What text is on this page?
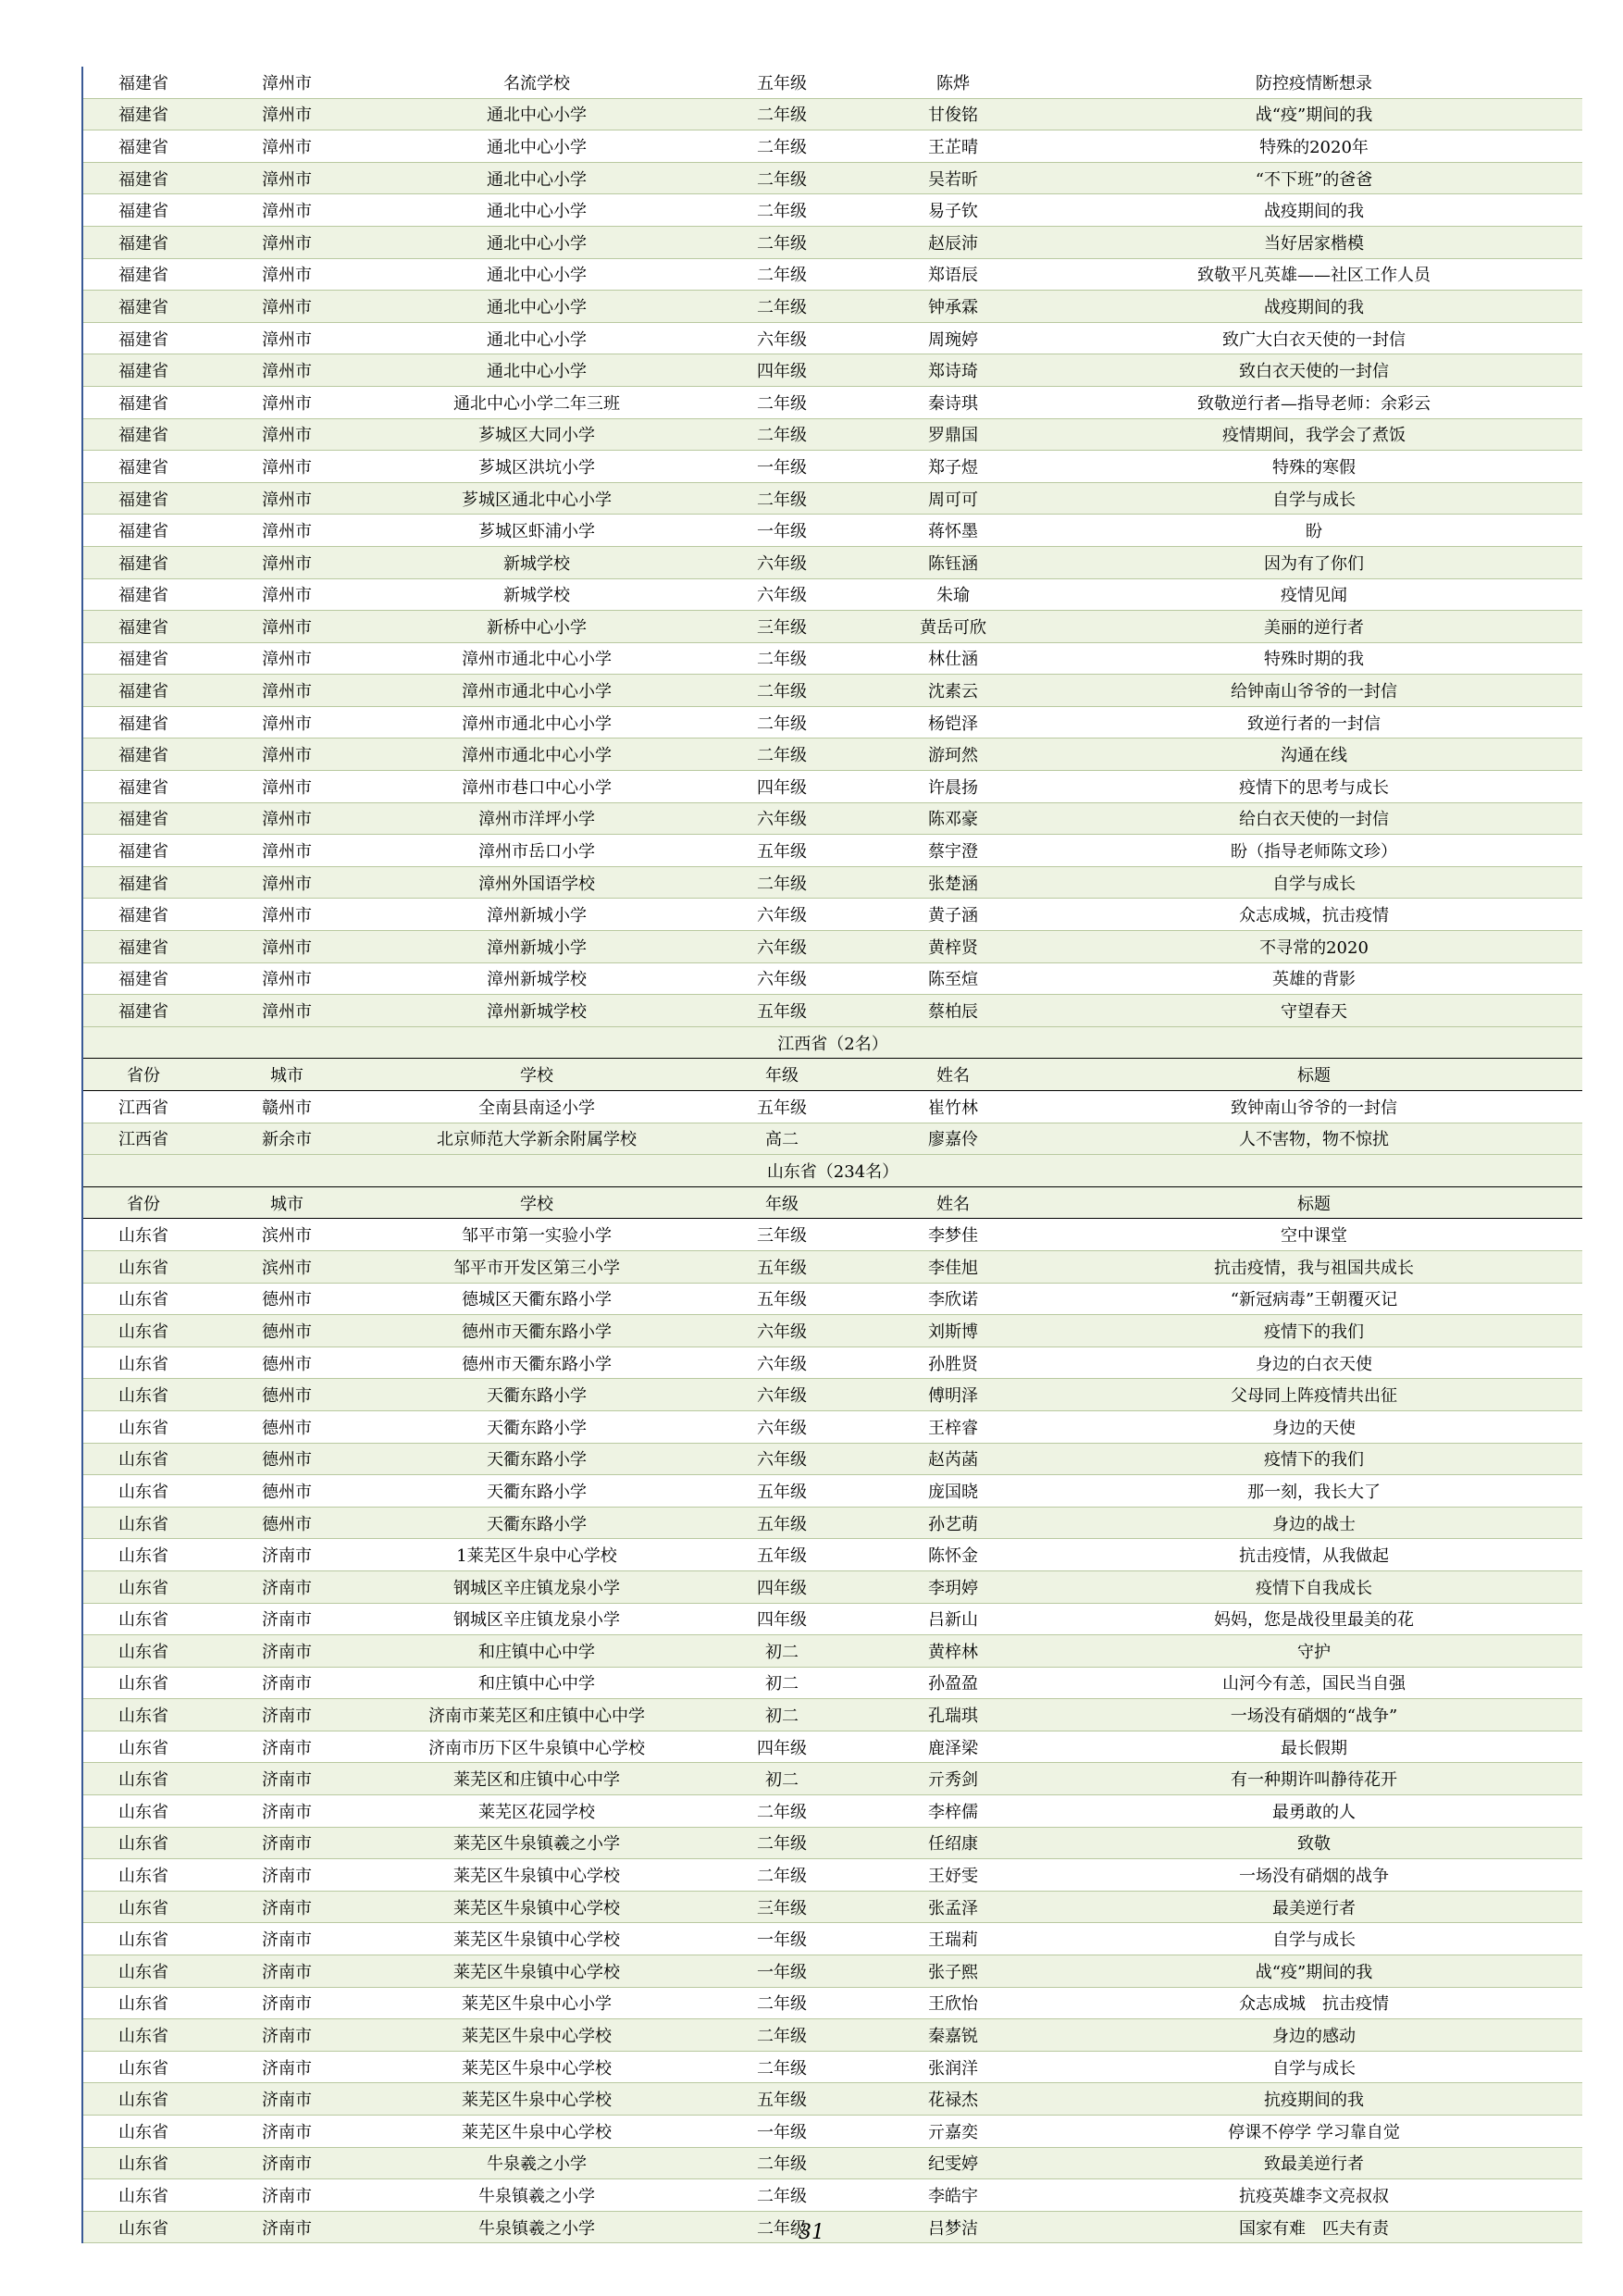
福建省	漳州市	名流学校	五年级	陈烨	防控疫情断想录
福建省	漳州市	通北中心小学	二年级	甘俊铭	战“疫”期间的我
福建省	漳州市	通北中心小学	二年级	王芷晴	特殊的2020年
福建省	漳州市	通北中心小学	二年级	吴若昕	“不下班”的爸爸
福建省	漳州市	通北中心小学	二年级	易子钦	战疫期间的我
福建省	漳州市	通北中心小学	二年级	赵辰沛	当好居家楷模
福建省	漳州市	通北中心小学	二年级	郑语辰	致敬平凡英雄——社区工作人员
福建省	漳州市	通北中心小学	二年级	钟承霖	战疫期间的我
福建省	漳州市	通北中心小学	六年级	周琬婷	致广大白衣天使的一封信
福建省	漳州市	通北中心小学	四年级	郑诗琦	致白衣天使的一封信
福建省	漳州市	通北中心小学二年三班	二年级	秦诗琪	致敬逆行者—指导老师：余彩云
福建省	漳州市	芗城区大同小学	二年级	罗鼎国	疫情期间，我学会了煮饭
福建省	漳州市	芗城区洪坑小学	一年级	郑子煜	特殊的寒假
福建省	漳州市	芗城区通北中心小学	二年级	周可可	自学与成长
福建省	漳州市	芗城区虾浦小学	一年级	蒋怀墨	盼
福建省	漳州市	新城学校	六年级	陈钰涵	因为有了你们
福建省	漳州市	新城学校	六年级	朱瑜	疫情见闻
福建省	漳州市	新桥中心小学	三年级	黄岳可欣	美丽的逆行者
福建省	漳州市	漳州市通北中心小学	二年级	林仕涵	特殊时期的我
福建省	漳州市	漳州市通北中心小学	二年级	沈素云	给钟南山爷爷的一封信
福建省	漳州市	漳州市通北中心小学	二年级	杨铠泽	致逆行者的一封信
福建省	漳州市	漳州市通北中心小学	二年级	游珂然	沟通在线
福建省	漳州市	漳州市巷口中心小学	四年级	许晨扬	疫情下的思考与成长
福建省	漳州市	漳州市洋坪小学	六年级	陈邓豪	给白衣天使的一封信
福建省	漳州市	漳州市岳口小学	五年级	蔡宇澄	盼（指导老师陈文珍）
福建省	漳州市	漳州外国语学校	二年级	张楚涵	自学与成长
福建省	漳州市	漳州新城小学	六年级	黄子涵	众志成城，抗击疫情
福建省	漳州市	漳州新城小学	六年级	黄梓贤	不寻常的2020
福建省	漳州市	漳州新城学校	六年级	陈至煊	英雄的背影
福建省	漳州市	漳州新城学校	五年级	蔡柏辰	守望春天
江西省（2名）
省份	城市	学校	年级	姓名	标题
江西省	赣州市	全南县南迳小学	五年级	崔竹林	致钟南山爷爷的一封信
江西省	新余市	北京师范大学新余附属学校	高二	廖嘉伶	人不害物，物不惊扰
山东省（234名）
省份	城市	学校	年级	姓名	标题
山东省	滨州市	邹平市第一实验小学	三年级	李梦佳	空中课堂
山东省	滨州市	邹平市开发区第三小学	五年级	李佳旭	抗击疫情，我与祖国共成长
山东省	德州市	德城区天衢东路小学	五年级	李欣诺	“新冠病毒”王朝覆灭记
山东省	德州市	德州市天衢东路小学	六年级	刘斯博	疫情下的我们
山东省	德州市	德州市天衢东路小学	六年级	孙胜贤	身边的白衣天使
山东省	德州市	天衢东路小学	六年级	傅明泽	父母同上阵疫情共出征
山东省	德州市	天衢东路小学	六年级	王梓睿	身边的天使
山东省	德州市	天衢东路小学	六年级	赵芮菡	疫情下的我们
山东省	德州市	天衢东路小学	五年级	庞国晓	那一刻，我长大了
山东省	德州市	天衢东路小学	五年级	孙艺萌	身边的战士
山东省	济南市	1莱芜区牛泉中心学校	五年级	陈怀金	抗击疫情，从我做起
山东省	济南市	钢城区辛庄镇龙泉小学	四年级	李玥婷	疫情下自我成长
山东省	济南市	钢城区辛庄镇龙泉小学	四年级	吕新山	妈妈，您是战役里最美的花
山东省	济南市	和庄镇中心中学	初二	黄梓林	守护
山东省	济南市	和庄镇中心中学	初二	孙盈盈	山河今有恙，国民当自强
山东省	济南市	济南市莱芜区和庄镇中心中学	初二	孔瑞琪	一场没有硝烟的“战争”
山东省	济南市	济南市历下区牛泉镇中心学校	四年级	鹿泽梁	最长假期
山东省	济南市	莱芜区和庄镇中心中学	初二	亓秀剑	有一种期许叫静待花开
山东省	济南市	莱芜区花园学校	二年级	李梓儒	最勇敢的人
山东省	济南市	莱芜区牛泉镇羲之小学	二年级	任绍康	致敬
山东省	济南市	莱芜区牛泉镇中心学校	二年级	王妤雯	一场没有硝烟的战争
山东省	济南市	莱芜区牛泉镇中心学校	三年级	张孟泽	最美逆行者
山东省	济南市	莱芜区牛泉镇中心学校	一年级	王瑞莉	自学与成长
山东省	济南市	莱芜区牛泉镇中心学校	一年级	张子熙	战“疫”期间的我
山东省	济南市	莱芜区牛泉中心小学	二年级	王欣怡	众志成城　抗击疫情
山东省	济南市	莱芜区牛泉中心学校	二年级	秦嘉锐	身边的感动
山东省	济南市	莱芜区牛泉中心学校	二年级	张润洋	自学与成长
山东省	济南市	莱芜区牛泉中心学校	五年级	花禄杰	抗疫期间的我
山东省	济南市	莱芜区牛泉中心学校	一年级	亓嘉奕	停课不停学 学习靠自觉
山东省	济南市	牛泉羲之小学	二年级	纪雯婷	致最美逆行者
山东省	济南市	牛泉镇羲之小学	二年级	李皓宇	抗疫英雄李文亮叔叔
山东省	济南市	牛泉镇羲之小学	二年级	吕梦洁	国家有难　匹夫有责
31
